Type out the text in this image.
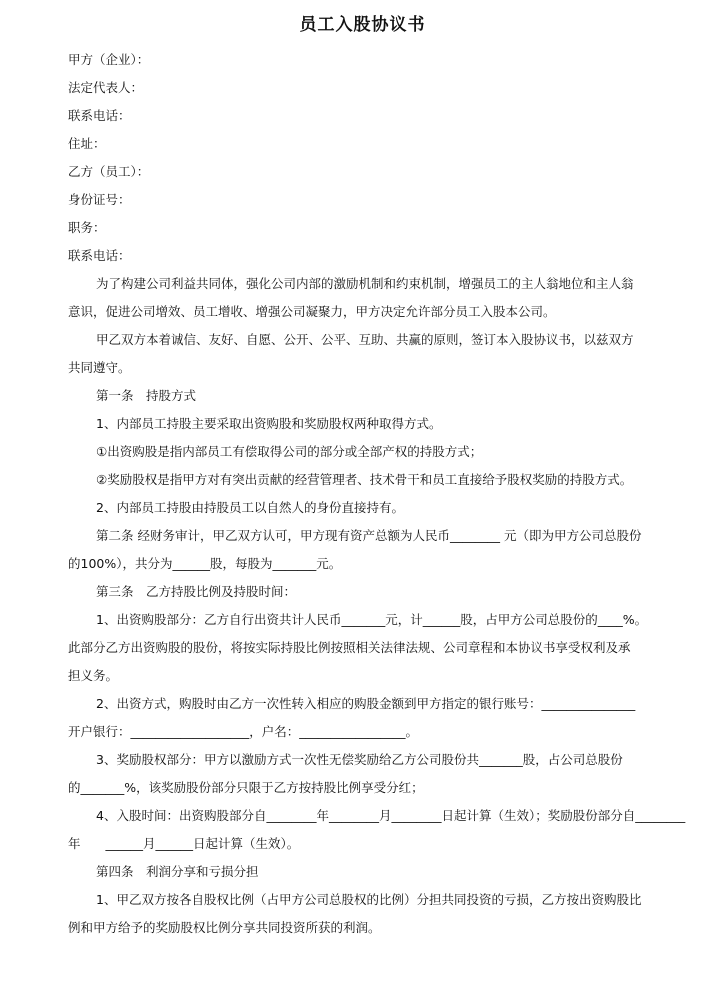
员工入股协议书
甲方（企业）：
法定代表人：
联系电话：
住址：
乙方（员工）：
身份证号：
职务：
联系电话：
为了构建公司利益共同体，强化公司内部的激励机制和约束机制，增强员工的主人翁地位和主人翁
意识，促进公司增效、员工增收、增强公司凝聚力，甲方决定允许部分员工入股本公司。
甲乙双方本着诚信、友好、自愿、公开、公平、互助、共赢的原则，签订本入股协议书，以兹双方
共同遵守。
第一条　持股方式
1、内部员工持股主要采取出资购股和奖励股权两种取得方式。
①出资购股是指内部员工有偿取得公司的部分或全部产权的持股方式；
②奖励股权是指甲方对有突出贡献的经营管理者、技术骨干和员工直接给予股权奖励的持股方式。
2、内部员工持股由持股员工以自然人的身份直接持有。
第二条 经财务审计，甲乙双方认可，甲方现有资产总额为人民币________ 元（即为甲方公司总股份
的100%），共分为______股，每股为_______元。
第三条　乙方持股比例及持股时间：
1、出资购股部分：乙方自行出资共计人民币_______元，计______股，占甲方公司总股份的____%。
此部分乙方出资购股的股份，将按实际持股比例按照相关法律法规、公司章程和本协议书享受权利及承
担义务。
2、出资方式，购股时由乙方一次性转入相应的购股金额到甲方指定的银行账号：_______________
开户银行：___________________，户名：_________________。
3、奖励股权部分：甲方以激励方式一次性无偿奖励给乙方公司股份共_______股，占公司总股份
的_______%，该奖励股份部分只限于乙方按持股比例享受分红；
4、入股时间：出资购股部分自________年________月________日起计算（生效）；奖励股份部分自________
年　　______月______日起计算（生效）。
第四条　利润分享和亏损分担
1、甲乙双方按各自股权比例（占甲方公司总股权的比例）分担共同投资的亏损，乙方按出资购股比
例和甲方给予的奖励股权比例分享共同投资所获的利润。
